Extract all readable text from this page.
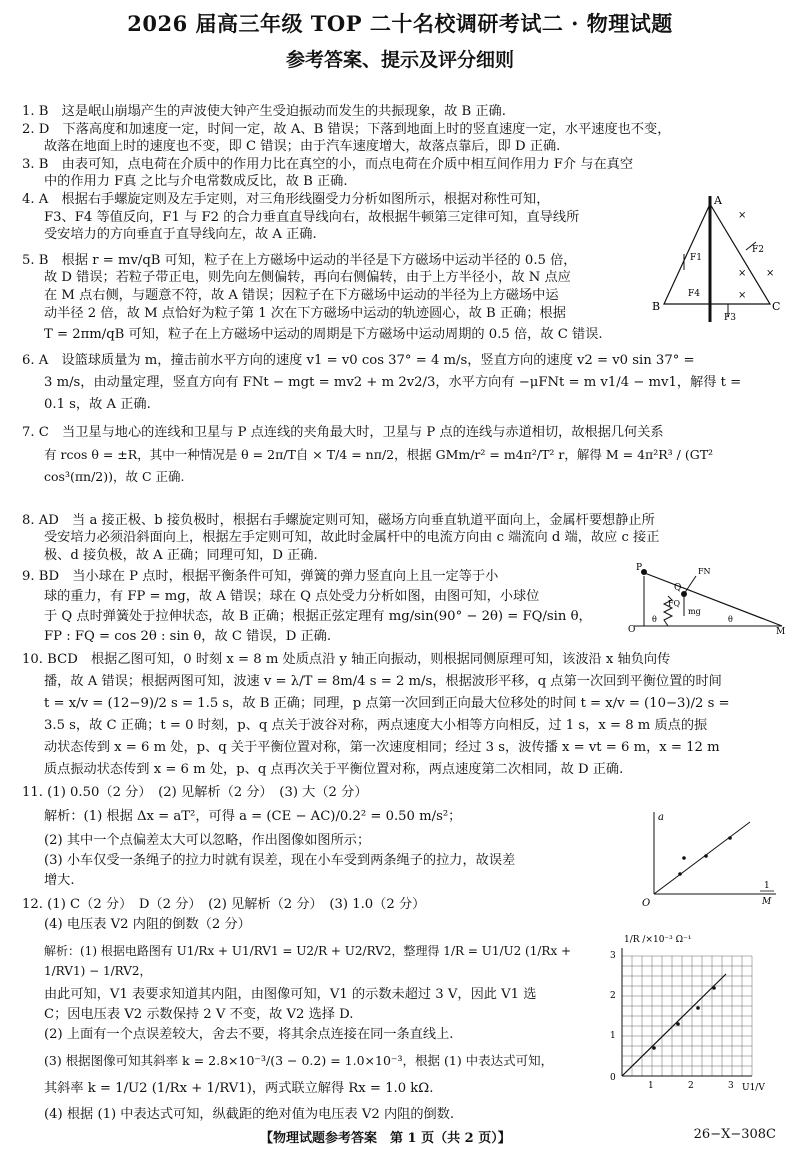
2026 届高三年级 TOP 二十名校调研考试二 · 物理试题
参考答案、提示及评分细则

1. B　这是岷山崩塌产生的声波使大钟产生受迫振动而发生的共振现象，故 B 正确.

2. D　下落高度和加速度一定，时间一定，故 A、B 错误；下落到地面上时的竖直速度一定，水平速度也不变，

故落在地面上时的速度也不变，即 C 错误；由于汽车速度增大，故落点靠后，即 D 正确.

3. B　由表可知，点电荷在介质中的作用力比在真空的小，而点电荷在介质中相互间作用力 F介 与在真空

中的作用力 F真 之比与介电常数成反比，故 B 正确.

4. A　根据右手螺旋定则及左手定则，对三角形线圈受力分析如图所示，根据对称性可知，

F3、F4 等值反向，F1 与 F2 的合力垂直直导线向右，故根据牛顿第三定律可知，直导线所

受安培力的方向垂直于直导线向左，故 A 正确.

5. B　根据 r = mv/qB 可知，粒子在上方磁场中运动的半径是下方磁场中运动半径的 0.5 倍，

故 D 错误；若粒子带正电，则先向左侧偏转，再向右侧偏转，由于上方半径小，故 N 点应

在 M 点右侧，与题意不符，故 A 错误；因粒子在下方磁场中运动的半径为上方磁场中运

动半径 2 倍，故 M 点恰好为粒子第 1 次在下方磁场中运动的轨迹圆心，故 B 正确；根据

T = 2πm/qB 可知，粒子在上方磁场中运动的周期是下方磁场中运动周期的 0.5 倍，故 C 错误.

6. A　设篮球质量为 m，撞击前水平方向的速度 v1 = v0 cos 37° = 4 m/s，竖直方向的速度 v2 = v0 sin 37° =

3 m/s，由动量定理，竖直方向有 FNt − mgt = mv2 + m 2v2/3，水平方向有 −μFNt = m v1/4 − mv1，解得 t =

0.1 s，故 A 正确.

7. C　当卫星与地心的连线和卫星与 P 点连线的夹角最大时，卫星与 P 点的连线与赤道相切，故根据几何关系

有 rcos θ = ±R，其中一种情况是 θ = 2π/T自 × T/4 = nπ/2，根据 GMm/r² = m4π²/T² r，解得 M = 4π²R³ / (GT² cos³(πn/2))，故 C 正确.

8. AD　当 a 接正极、b 接负极时，根据右手螺旋定则可知，磁场方向垂直轨道平面向上，金属杆要想静止所

受安培力必须沿斜面向上，根据左手定则可知，故此时金属杆中的电流方向由 c 端流向 d 端，故应 c 接正

极、d 接负极，故 A 正确；同理可知，D 正确.

9. BD　当小球在 P 点时，根据平衡条件可知，弹簧的弹力竖直向上且一定等于小

球的重力，有 FP = mg，故 A 错误；球在 Q 点处受力分析如图，由图可知，小球位

于 Q 点时弹簧处于拉伸状态，故 B 正确；根据正弦定理有 mg/sin(90° − 2θ) = FQ/sin θ，

FP : FQ = cos 2θ : sin θ，故 C 错误，D 正确.

10. BCD　根据乙图可知，0 时刻 x = 8 m 处质点沿 y 轴正向振动，则根据同侧原理可知，该波沿 x 轴负向传

播，故 A 错误；根据两图可知，波速 v = λ/T = 8m/4 s = 2 m/s，根据波形平移，q 点第一次回到平衡位置的时间

t = x/v = (12−9)/2 s = 1.5 s，故 B 正确；同理，p 点第一次回到正向最大位移处的时间 t = x/v = (10−3)/2 s =

3.5 s，故 C 正确；t = 0 时刻，p、q 点关于波谷对称，两点速度大小相等方向相反，过 1 s，x = 8 m 质点的振

动状态传到 x = 6 m 处，p、q 关于平衡位置对称，第一次速度相同；经过 3 s，波传播 x = vt = 6 m，x = 12 m

质点振动状态传到 x = 6 m 处，p、q 点再次关于平衡位置对称，两点速度第二次相同，故 D 正确.

11. (1) 0.50（2 分）　(2) 见解析（2 分）　(3) 大（2 分）

解析：(1) 根据 Δx = aT²，可得 a = (CE − AC)/0.2² = 0.50 m/s²；

(2) 其中一个点偏差太大可以忽略，作出图像如图所示；

(3) 小车仅受一条绳子的拉力时就有误差，现在小车受到两条绳子的拉力，故误差

增大.

12. (1) C（2 分）　D（2 分）　(2) 见解析（2 分）　(3) 1.0（2 分）

(4) 电压表 V2 内阻的倒数（2 分）

解析：(1) 根据电路图有 U1/Rx + U1/RV1 = U2/R + U2/RV2，整理得 1/R = U1/U2 (1/Rx + 1/RV1) − 1/RV2，

由此可知，V1 表要求知道其内阻，由图像可知，V1 的示数未超过 3 V，因此 V1 选

C；因电压表 V2 示数保持 2 V 不变，故 V2 选择 D.

(2) 上面有一个点误差较大，舍去不要，将其余点连接在同一条直线上.

(3) 根据图像可知其斜率 k = 2.8×10⁻³/(3 − 0.2) = 1.0×10⁻³，根据 (1) 中表达式可知，

其斜率 k = 1/U2 (1/Rx + 1/RV1)，两式联立解得 Rx = 1.0 kΩ.

(4) 根据 (1) 中表达式可知，纵截距的绝对值为电压表 V2 内阻的倒数.

A
B	C
F1
F2
F3
F4
×
× ×
×
P
Q
O	M
FN
FQ
mg
θ	θ
a
O
1
M
1/R /×10⁻³ Ω⁻¹
U1/V
0
1
2
3
1	2	3
【物理试题参考答案　第 1 页（共 2 页）】	26−X−308C
